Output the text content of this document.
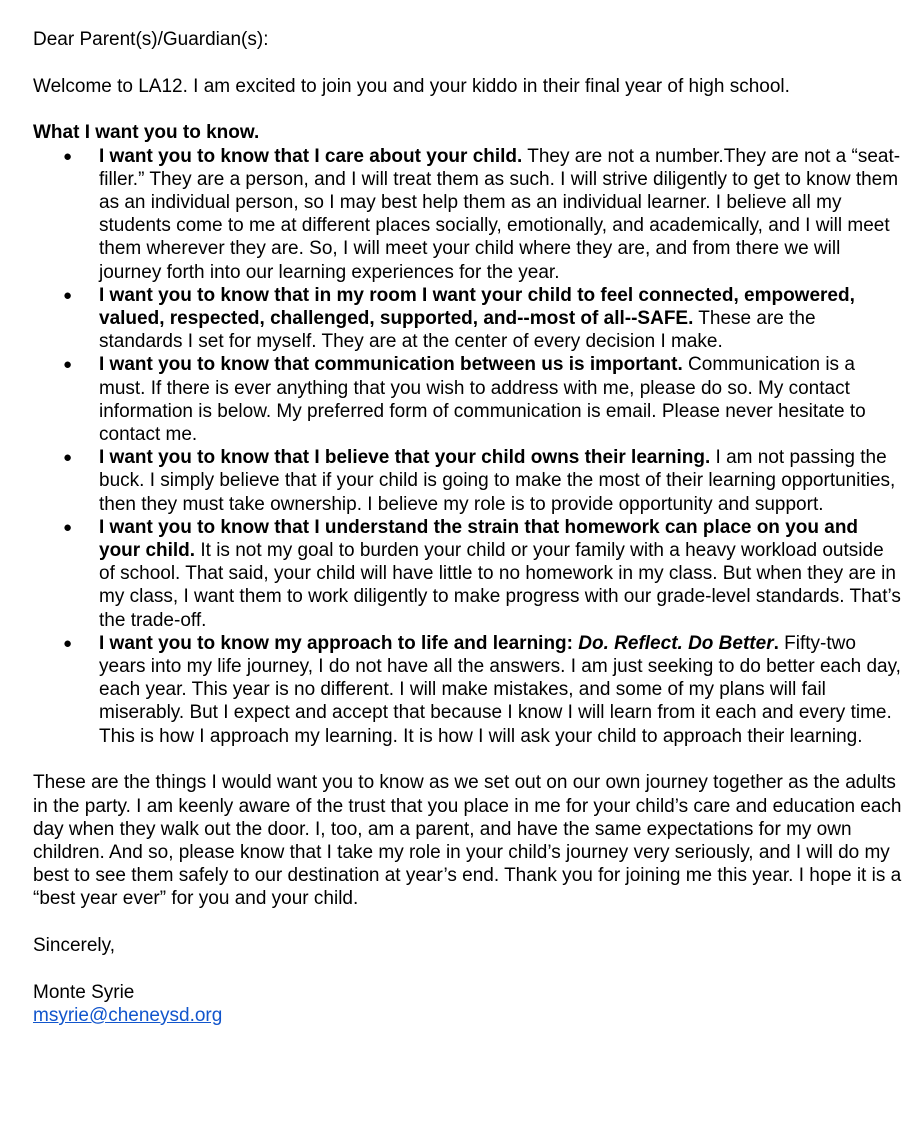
Dear Parent(s)/Guardian(s):

Welcome to LA12. I am excited to join you and your kiddo in their final year of high school.

What I want you to know.

● I want you to know that I care about your child. They are not a number.They are not a “seat-filler.” They are a person, and I will treat them as such. I will strive diligently to get to know them as an individual person, so I may best help them as an individual learner. I believe all my students come to me at different places socially, emotionally, and academically, and I will meet them wherever they are. So, I will meet your child where they are, and from there we will journey forth into our learning experiences for the year.
● I want you to know that in my room I want your child to feel connected, empowered, valued, respected, challenged, supported, and--most of all--SAFE. These are the standards I set for myself. They are at the center of every decision I make.
● I want you to know that communication between us is important. Communication is a must. If there is ever anything that you wish to address with me, please do so. My contact information is below. My preferred form of communication is email. Please never hesitate to contact me.
● I want you to know that I believe that your child owns their learning. I am not passing the buck. I simply believe that if your child is going to make the most of their learning opportunities, then they must take ownership. I believe my role is to provide opportunity and support.
● I want you to know that I understand the strain that homework can place on you and your child. It is not my goal to burden your child or your family with a heavy workload outside of school. That said, your child will have little to no homework in my class. But when they are in my class, I want them to work diligently to make progress with our grade-level standards. That’s the trade-off.
● I want you to know my approach to life and learning: Do. Reflect. Do Better. Fifty-two years into my life journey, I do not have all the answers. I am just seeking to do better each day, each year. This year is no different. I will make mistakes, and some of my plans will fail miserably. But I expect and accept that because I know I will learn from it each and every time. This is how I approach my learning. It is how I will ask your child to approach their learning.

These are the things I would want you to know as we set out on our own journey together as the adults in the party. I am keenly aware of the trust that you place in me for your child’s care and education each day when they walk out the door. I, too, am a parent, and have the same expectations for my own children. And so, please know that I take my role in your child’s journey very seriously, and I will do my best to see them safely to our destination at year’s end. Thank you for joining me this year. I hope it is a “best year ever” for you and your child.

Sincerely,

Monte Syrie

msyrie@cheneysd.org
